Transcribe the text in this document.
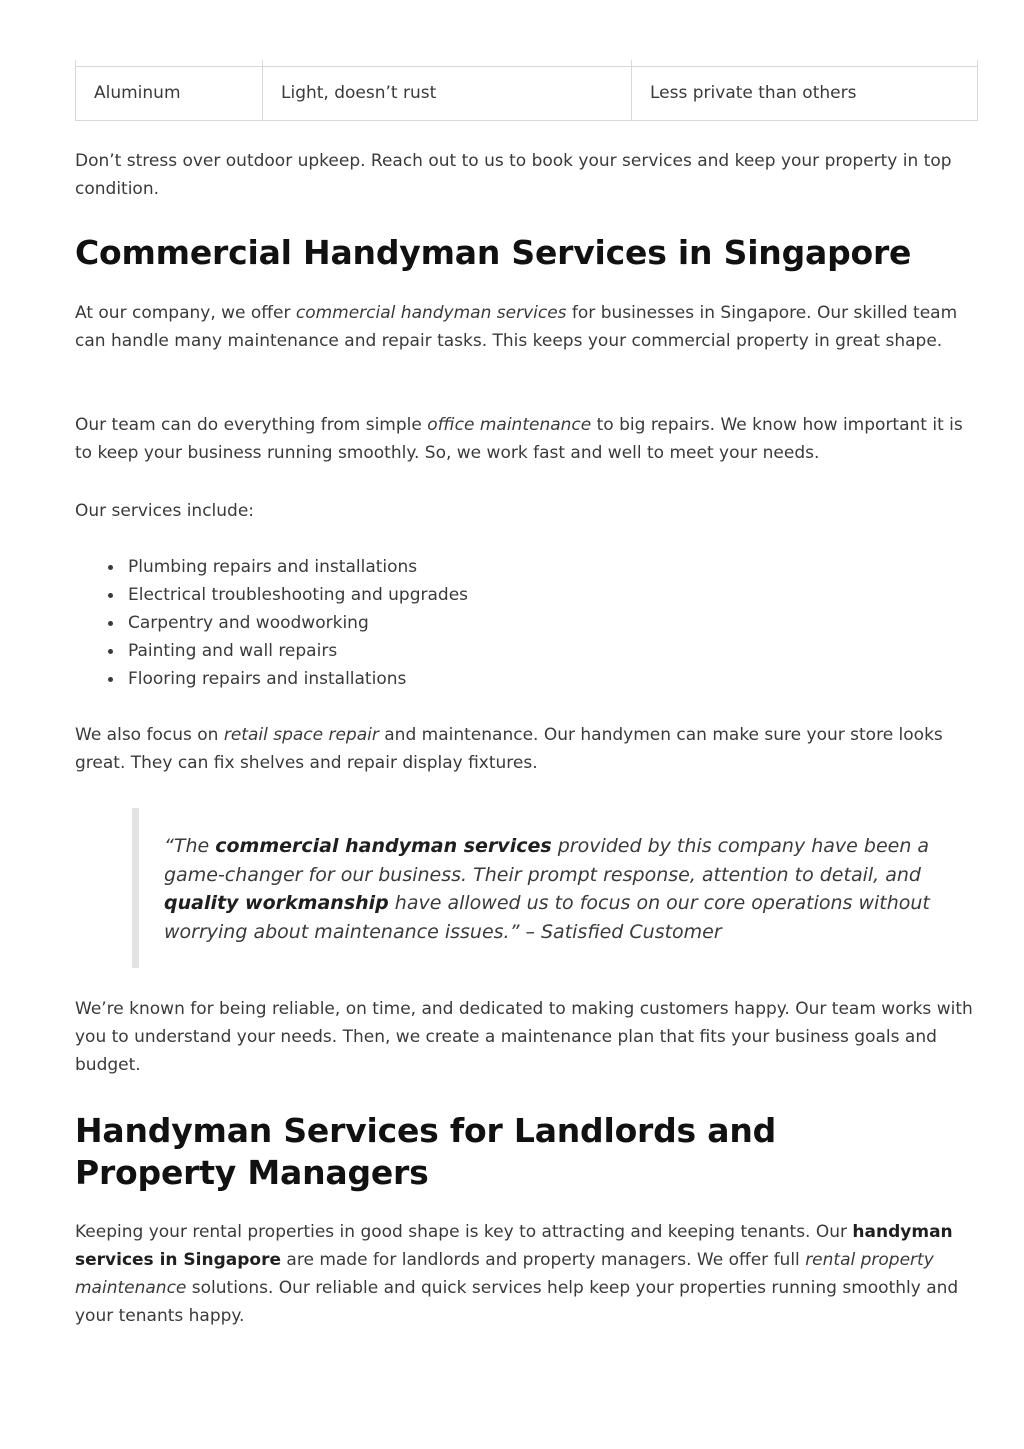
Aluminum	Light, doesn’t rust	Less private than others

Don’t stress over outdoor upkeep. Reach out to us to book your services and keep your property in top condition.

Commercial Handyman Services in Singapore

At our company, we offer commercial handyman services for businesses in Singapore. Our skilled team can handle many maintenance and repair tasks. This keeps your commercial property in great shape.

Our team can do everything from simple office maintenance to big repairs. We know how important it is to keep your business running smoothly. So, we work fast and well to meet your needs.

Our services include:

Plumbing repairs and installations
Electrical troubleshooting and upgrades
Carpentry and woodworking
Painting and wall repairs
Flooring repairs and installations

We also focus on retail space repair and maintenance. Our handymen can make sure your store looks great. They can fix shelves and repair display fixtures.

“The commercial handyman services provided by this company have been a game-changer for our business. Their prompt response, attention to detail, and quality workmanship have allowed us to focus on our core operations without worrying about maintenance issues.” – Satisfied Customer

We’re known for being reliable, on time, and dedicated to making customers happy. Our team works with you to understand your needs. Then, we create a maintenance plan that fits your business goals and budget.

Handyman Services for Landlords and Property Managers

Keeping your rental properties in good shape is key to attracting and keeping tenants. Our handyman services in Singapore are made for landlords and property managers. We offer full rental property maintenance solutions. Our reliable and quick services help keep your properties running smoothly and your tenants happy.
